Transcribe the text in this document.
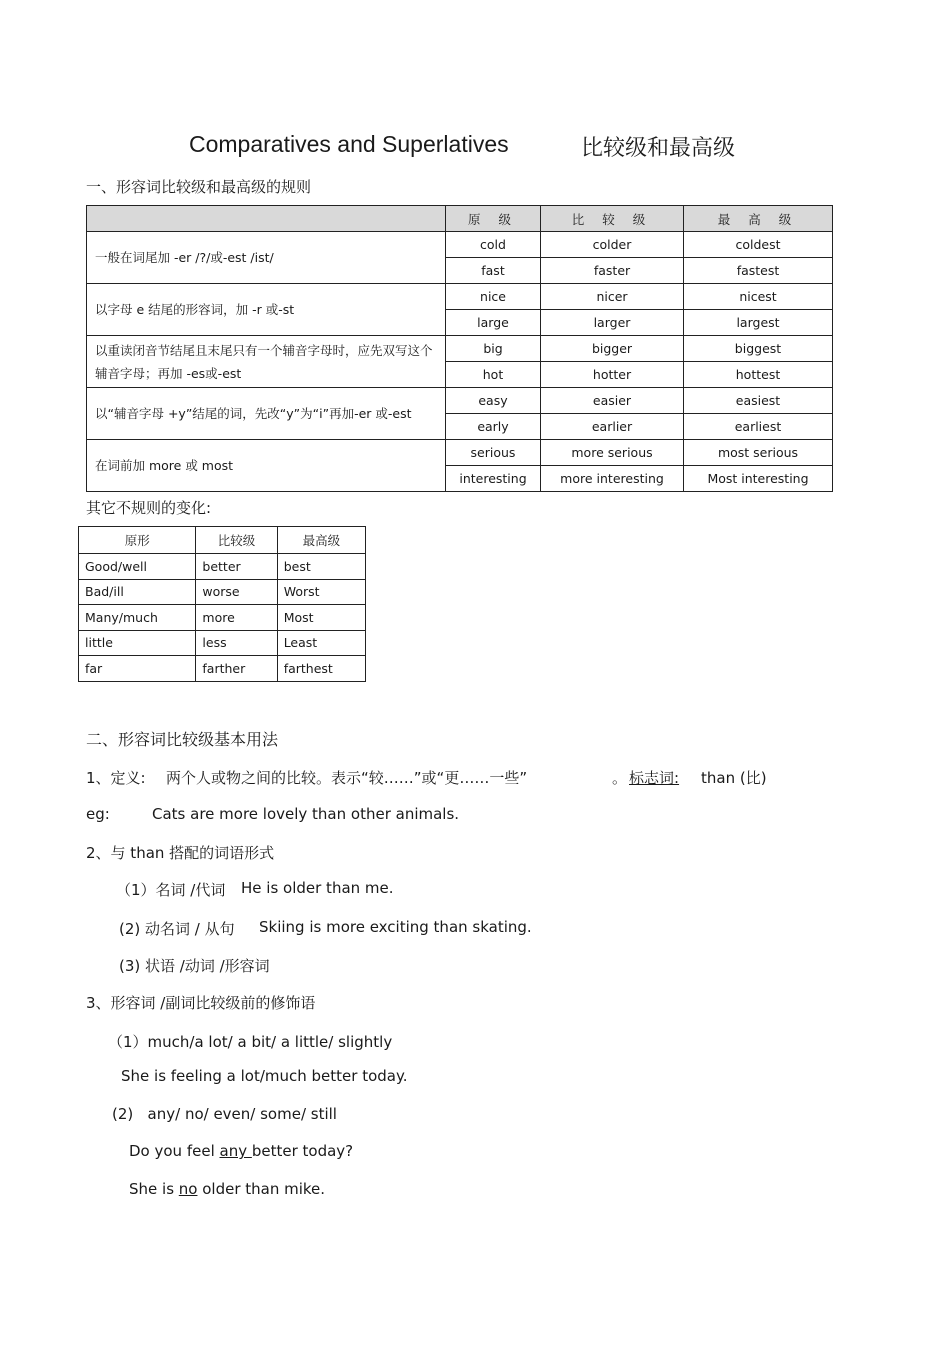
Comparatives and Superlatives	比较级和最高级
一、形容词比较级和最高级的规则
	原 级	比 较 级	最 高 级
一般在词尾加 -er /?/或-est /ist/	cold	colder	coldest
	fast	faster	fastest
以字母 e 结尾的形容词，加 -r 或-st	nice	nicer	nicest
	large	larger	largest
以重读闭音节结尾且末尾只有一个辅音字母时，应先双写这个辅音字母；再加 -es或-est	big	bigger	biggest
	hot	hotter	hottest
以“辅音字母 +y”结尾的词，先改“y”为“i”再加-er 或-est	easy	easier	easiest
	early	earlier	earliest
在词前加 more 或 most	serious	more serious	most serious
	interesting	more interesting	Most interesting
其它不规则的变化:
原形	比较级	最高级
Good/well	better	best
Bad/ill	worse	Worst
Many/much	more	Most
little	less	Least
far	farther	farthest
二、形容词比较级基本用法
1、定义: 两个人或物之间的比较。表示“较……”或“更……一些”	。 标志词: than (比)
eg:	Cats are more lovely than other animals.
2、与 than 搭配的词语形式
（1）名词 /代词 He is older than me.
(2) 动名词 / 从句 Skiing is more exciting than skating.
(3) 状语 /动词 /形容词
3、形容词 /副词比较级前的修饰语
（1）much/a lot/ a bit/ a little/ slightly
She is feeling a lot/much better today.
(2)   any/ no/ even/ some/ still
Do you feel any better today?
She is no older than mike.
